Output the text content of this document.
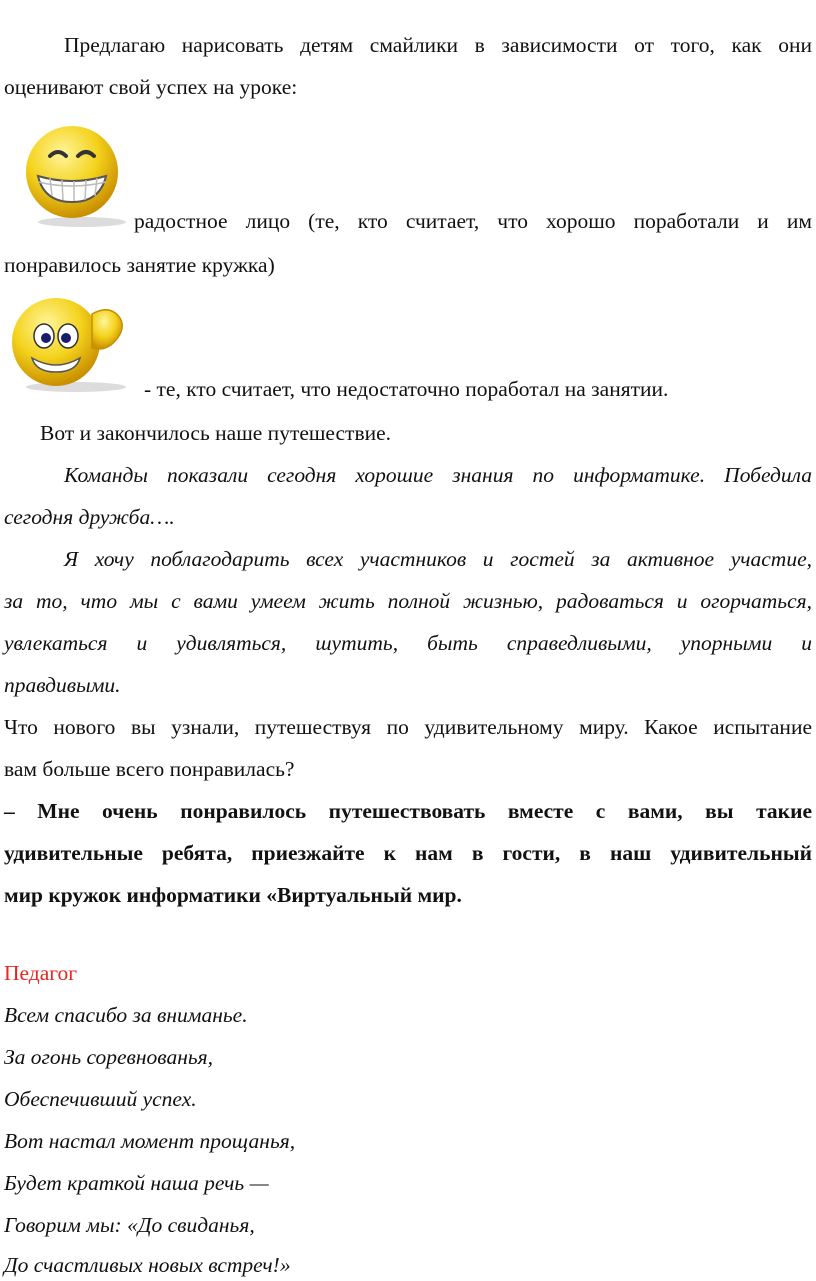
Предлагаю нарисовать детям смайлики в зависимости от того, как они
оценивают свой успех на уроке:
радостное лицо (те, кто считает, что хорошо поработали и им
понравилось занятие кружка)
- те, кто считает, что недостаточно поработал на занятии.
Вот и закончилось наше путешествие.
Команды показали сегодня хорошие знания по информатике. Победила
сегодня дружба….
Я хочу поблагодарить всех участников и гостей за активное участие,
за то, что мы с вами умеем жить полной жизнью, радоваться и огорчаться,
увлекаться и удивляться, шутить, быть справедливыми, упорными и
правдивыми.
Что нового вы узнали, путешествуя по удивительному миру. Какое испытание
вам больше всего понравилась?
– Мне очень понравилось путешествовать вместе с вами, вы такие
удивительные ребята, приезжайте к нам в гости, в наш удивительный
мир кружок информатики «Виртуальный мир.
Педагог
Всем спасибо за вниманье.
За огонь соревнованья,
Обеспечивший успех.
Вот настал момент прощанья,
Будет краткой наша речь —
Говорим мы: «До свиданья,
До счастливых новых встреч!»
